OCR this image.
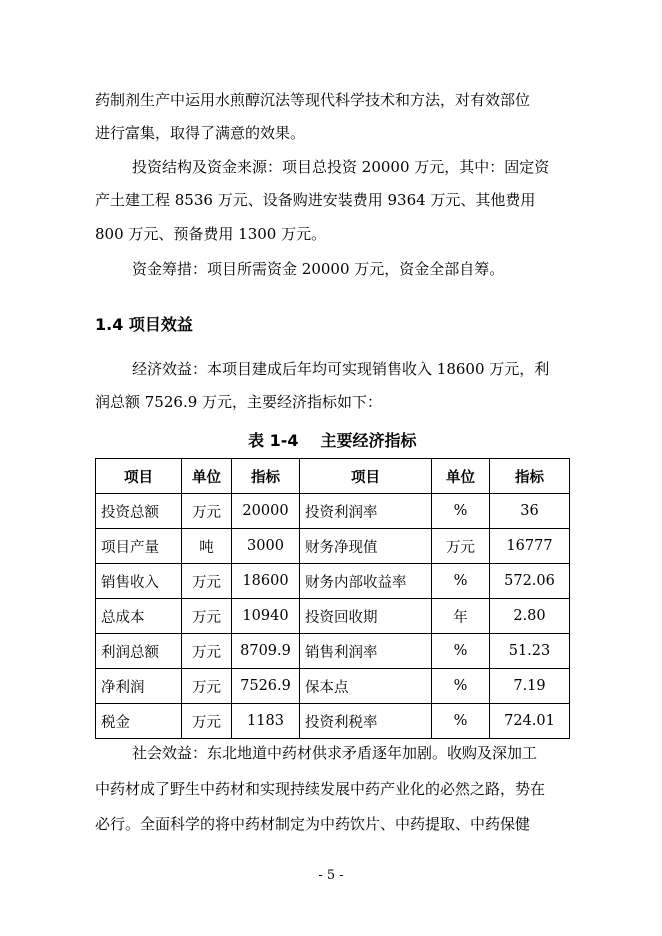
药制剂生产中运用水煎醇沉法等现代科学技术和方法，对有效部位
进行富集，取得了满意的效果。
投资结构及资金来源：项目总投资 20000 万元，其中：固定资
产土建工程 8536 万元、设备购进安装费用 9364 万元、其他费用
800 万元、预备费用 1300 万元。
资金筹措：项目所需资金 20000 万元，资金全部自筹。
1.4 项目效益
经济效益：本项目建成后年均可实现销售收入 18600 万元，利
润总额 7526.9 万元，主要经济指标如下：
表 1-4 主要经济指标
项目	单位	指标	项目	单位	指标
投资总额	万元	20000	投资利润率	%	36
项目产量	吨	3000	财务净现值	万元	16777
销售收入	万元	18600	财务内部收益率	%	572.06
总成本	万元	10940	投资回收期	年	2.80
利润总额	万元	8709.9	销售利润率	%	51.23
净利润	万元	7526.9	保本点	%	7.19
税金	万元	1183	投资利税率	%	724.01
社会效益：东北地道中药材供求矛盾逐年加剧。收购及深加工
中药材成了野生中药材和实现持续发展中药产业化的必然之路，势在
必行。全面科学的将中药材制定为中药饮片、中药提取、中药保健
- 5 -
